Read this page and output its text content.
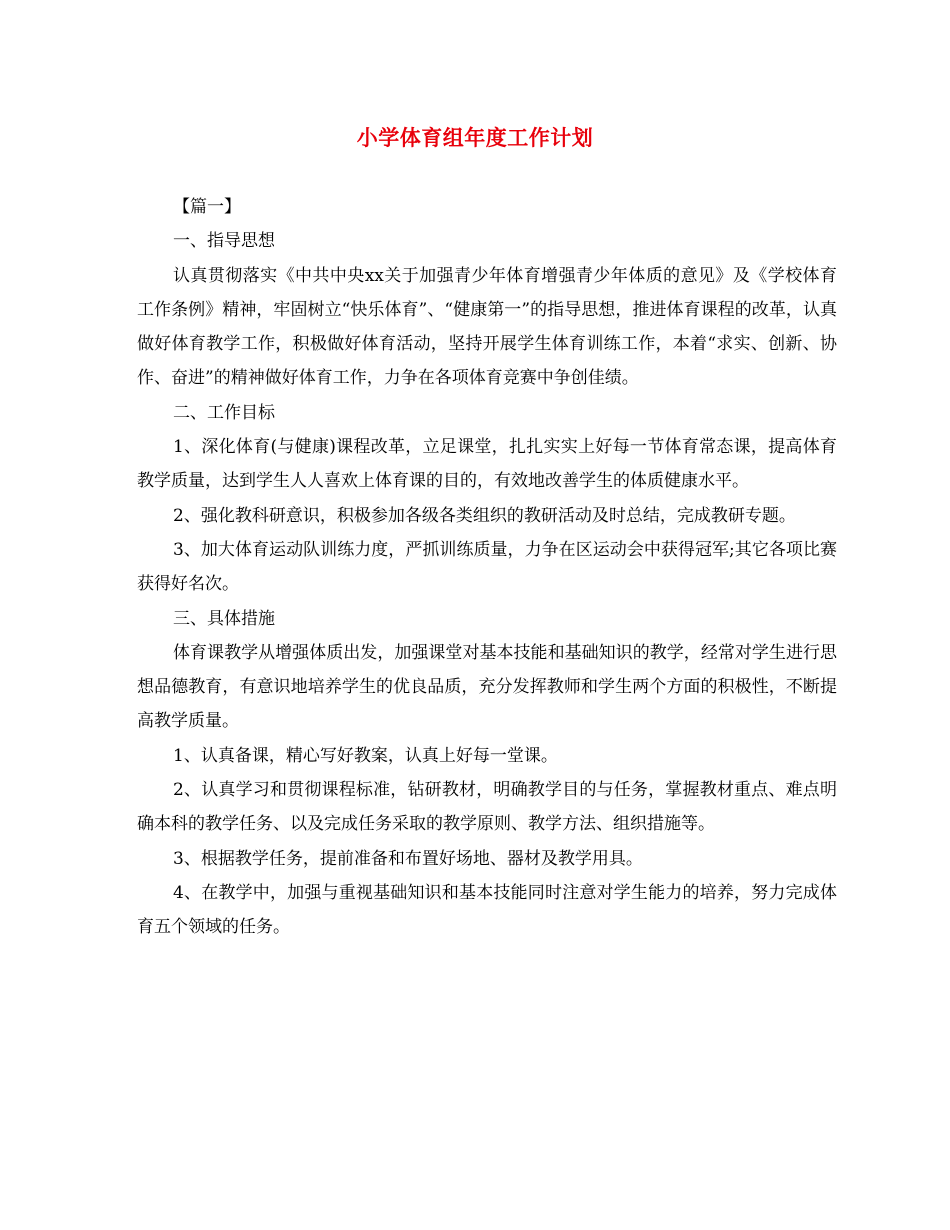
小学体育组年度工作计划

【篇一】

一、指导思想

认真贯彻落实《中共中央xx关于加强青少年体育增强青少年体质的意见》及《学校体育工作条例》精神，牢固树立“快乐体育”、“健康第一”的指导思想，推进体育课程的改革，认真做好体育教学工作，积极做好体育活动，坚持开展学生体育训练工作，本着“求实、创新、协作、奋进”的精神做好体育工作，力争在各项体育竞赛中争创佳绩。

二、工作目标

1、深化体育(与健康)课程改革，立足课堂，扎扎实实上好每一节体育常态课，提高体育教学质量，达到学生人人喜欢上体育课的目的，有效地改善学生的体质健康水平。

2、强化教科研意识，积极参加各级各类组织的教研活动及时总结，完成教研专题。

3、加大体育运动队训练力度，严抓训练质量，力争在区运动会中获得冠军;其它各项比赛获得好名次。

三、具体措施

体育课教学从增强体质出发，加强课堂对基本技能和基础知识的教学，经常对学生进行思想品德教育，有意识地培养学生的优良品质，充分发挥教师和学生两个方面的积极性，不断提高教学质量。

1、认真备课，精心写好教案，认真上好每一堂课。

2、认真学习和贯彻课程标准，钻研教材，明确教学目的与任务，掌握教材重点、难点明确本科的教学任务、以及完成任务采取的教学原则、教学方法、组织措施等。

3、根据教学任务，提前准备和布置好场地、器材及教学用具。

4、在教学中，加强与重视基础知识和基本技能同时注意对学生能力的培养，努力完成体育五个领域的任务。
